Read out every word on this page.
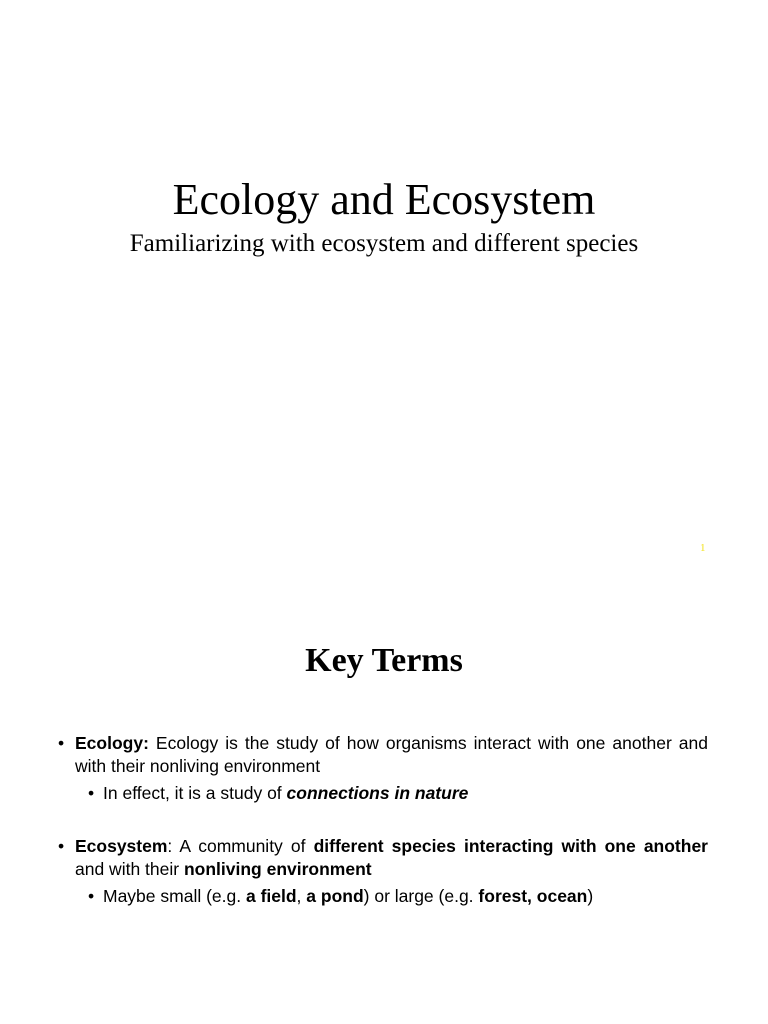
Ecology and Ecosystem
Familiarizing with ecosystem and different species
1
Key Terms
• Ecology: Ecology is the study of how organisms interact with one another and with their nonliving environment
• In effect, it is a study of connections in nature
• Ecosystem: A community of different species interacting with one another and with their nonliving environment
• Maybe small (e.g. a field, a pond) or large (e.g. forest, ocean)
